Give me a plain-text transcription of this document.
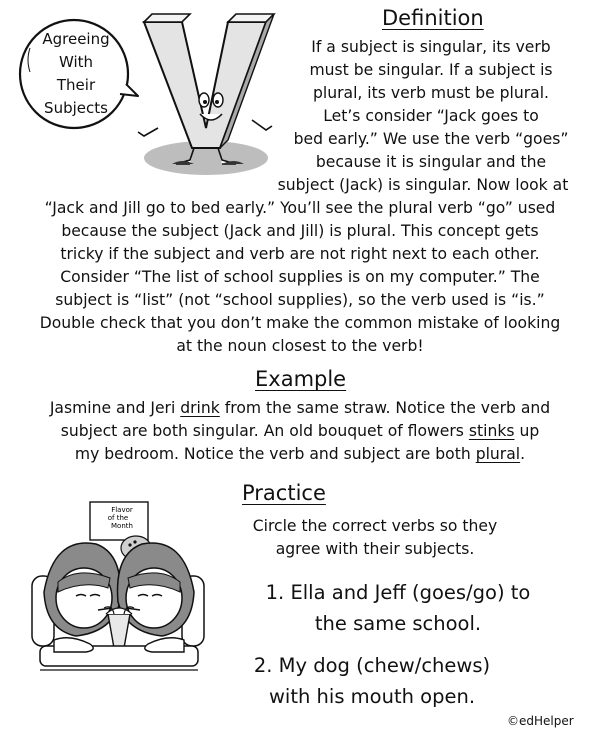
Agreeing
With
Their
Subjects
Definition
If a subject is singular, its verb
must be singular. If a subject is
plural, its verb must be plural.
Let’s consider “Jack goes to
bed early.” We use the verb “goes”
because it is singular and the
subject (Jack) is singular. Now look at
“Jack and Jill go to bed early.” You’ll see the plural verb “go” used
because the subject (Jack and Jill) is plural. This concept gets
tricky if the subject and verb are not right next to each other.
Consider “The list of school supplies is on my computer.” The
subject is “list” (not “school supplies), so the verb used is “is.”
Double check that you don’t make the common mistake of looking
at the noun closest to the verb!
Example
Jasmine and Jeri drink from the same straw. Notice the verb and
subject are both singular. An old bouquet of flowers stinks up
my bedroom. Notice the verb and subject are both plural.
Practice
Circle the correct verbs so they
agree with their subjects.
1. Ella and Jeff (goes/go) to
the same school.
2. My dog (chew/chews)
with his mouth open.
Flavor
of the
Month
©edHelper
